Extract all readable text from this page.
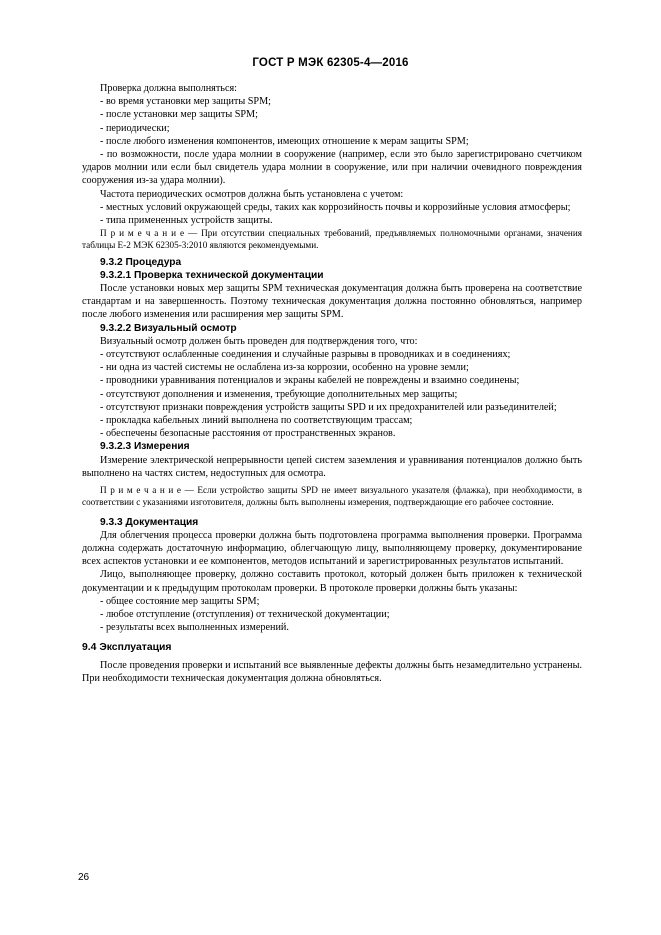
ГОСТ Р МЭК 62305-4—2016

Проверка должна выполняться:

- во время установки мер защиты SPM;

- после установки мер защиты SPM;

- периодически;

- после любого изменения компонентов, имеющих отношение к мерам защиты SPM;

- по возможности, после удара молнии в сооружение (например, если это было зарегистрировано счетчиком ударов молнии или если был свидетель удара молнии в сооружение, или при наличии очевидного повреждения сооружения из-за удара молнии).

Частота периодических осмотров должна быть установлена с учетом:

- местных условий окружающей среды, таких как коррозийность почвы и коррозийные условия атмосферы;

- типа примененных устройств защиты.

П р и м е ч а н и е — При отсутствии специальных требований, предъявляемых полномочными органами, значения таблицы Е-2 МЭК 62305-3:2010 являются рекомендуемыми.

9.3.2 Процедура

9.3.2.1 Проверка технической документации

После установки новых мер защиты SPM техническая документация должна быть проверена на соответствие стандартам и на завершенность. Поэтому техническая документация должна постоянно обновляться, например после любого изменения или расширения мер защиты SPM.

9.3.2.2 Визуальный осмотр

Визуальный осмотр должен быть проведен для подтверждения того, что:

- отсутствуют ослабленные соединения и случайные разрывы в проводниках и в соединениях;

- ни одна из частей системы не ослаблена из-за коррозии, особенно на уровне земли;

- проводники уравнивания потенциалов и экраны кабелей не повреждены и взаимно соединены;

- отсутствуют дополнения и изменения, требующие дополнительных мер защиты;

- отсутствуют признаки повреждения устройств защиты SPD и их предохранителей или разъединителей;

- прокладка кабельных линий выполнена по соответствующим трассам;

- обеспечены безопасные расстояния от пространственных экранов.

9.3.2.3 Измерения

Измерение электрической непрерывности цепей систем заземления и уравнивания потенциалов должно быть выполнено на частях систем, недоступных для осмотра.

П р и м е ч а н и е — Если устройство защиты SPD не имеет визуального указателя (флажка), при необходимости, в соответствии с указаниями изготовителя, должны быть выполнены измерения, подтверждающие его рабочее состояние.

9.3.3 Документация

Для облегчения процесса проверки должна быть подготовлена программа выполнения проверки. Программа должна содержать достаточную информацию, облегчающую лицу, выполняющему проверку, документирование всех аспектов установки и ее компонентов, методов испытаний и зарегистрированных результатов испытаний.

Лицо, выполняющее проверку, должно составить протокол, который должен быть приложен к технической документации и к предыдущим протоколам проверки. В протоколе проверки должны быть указаны:

- общее состояние мер защиты SPM;

- любое отступление (отступления) от технической документации;

- результаты всех выполненных измерений.

9.4 Эксплуатация

После проведения проверки и испытаний все выявленные дефекты должны быть незамедлительно устранены. При необходимости техническая документация должна обновляться.

26
